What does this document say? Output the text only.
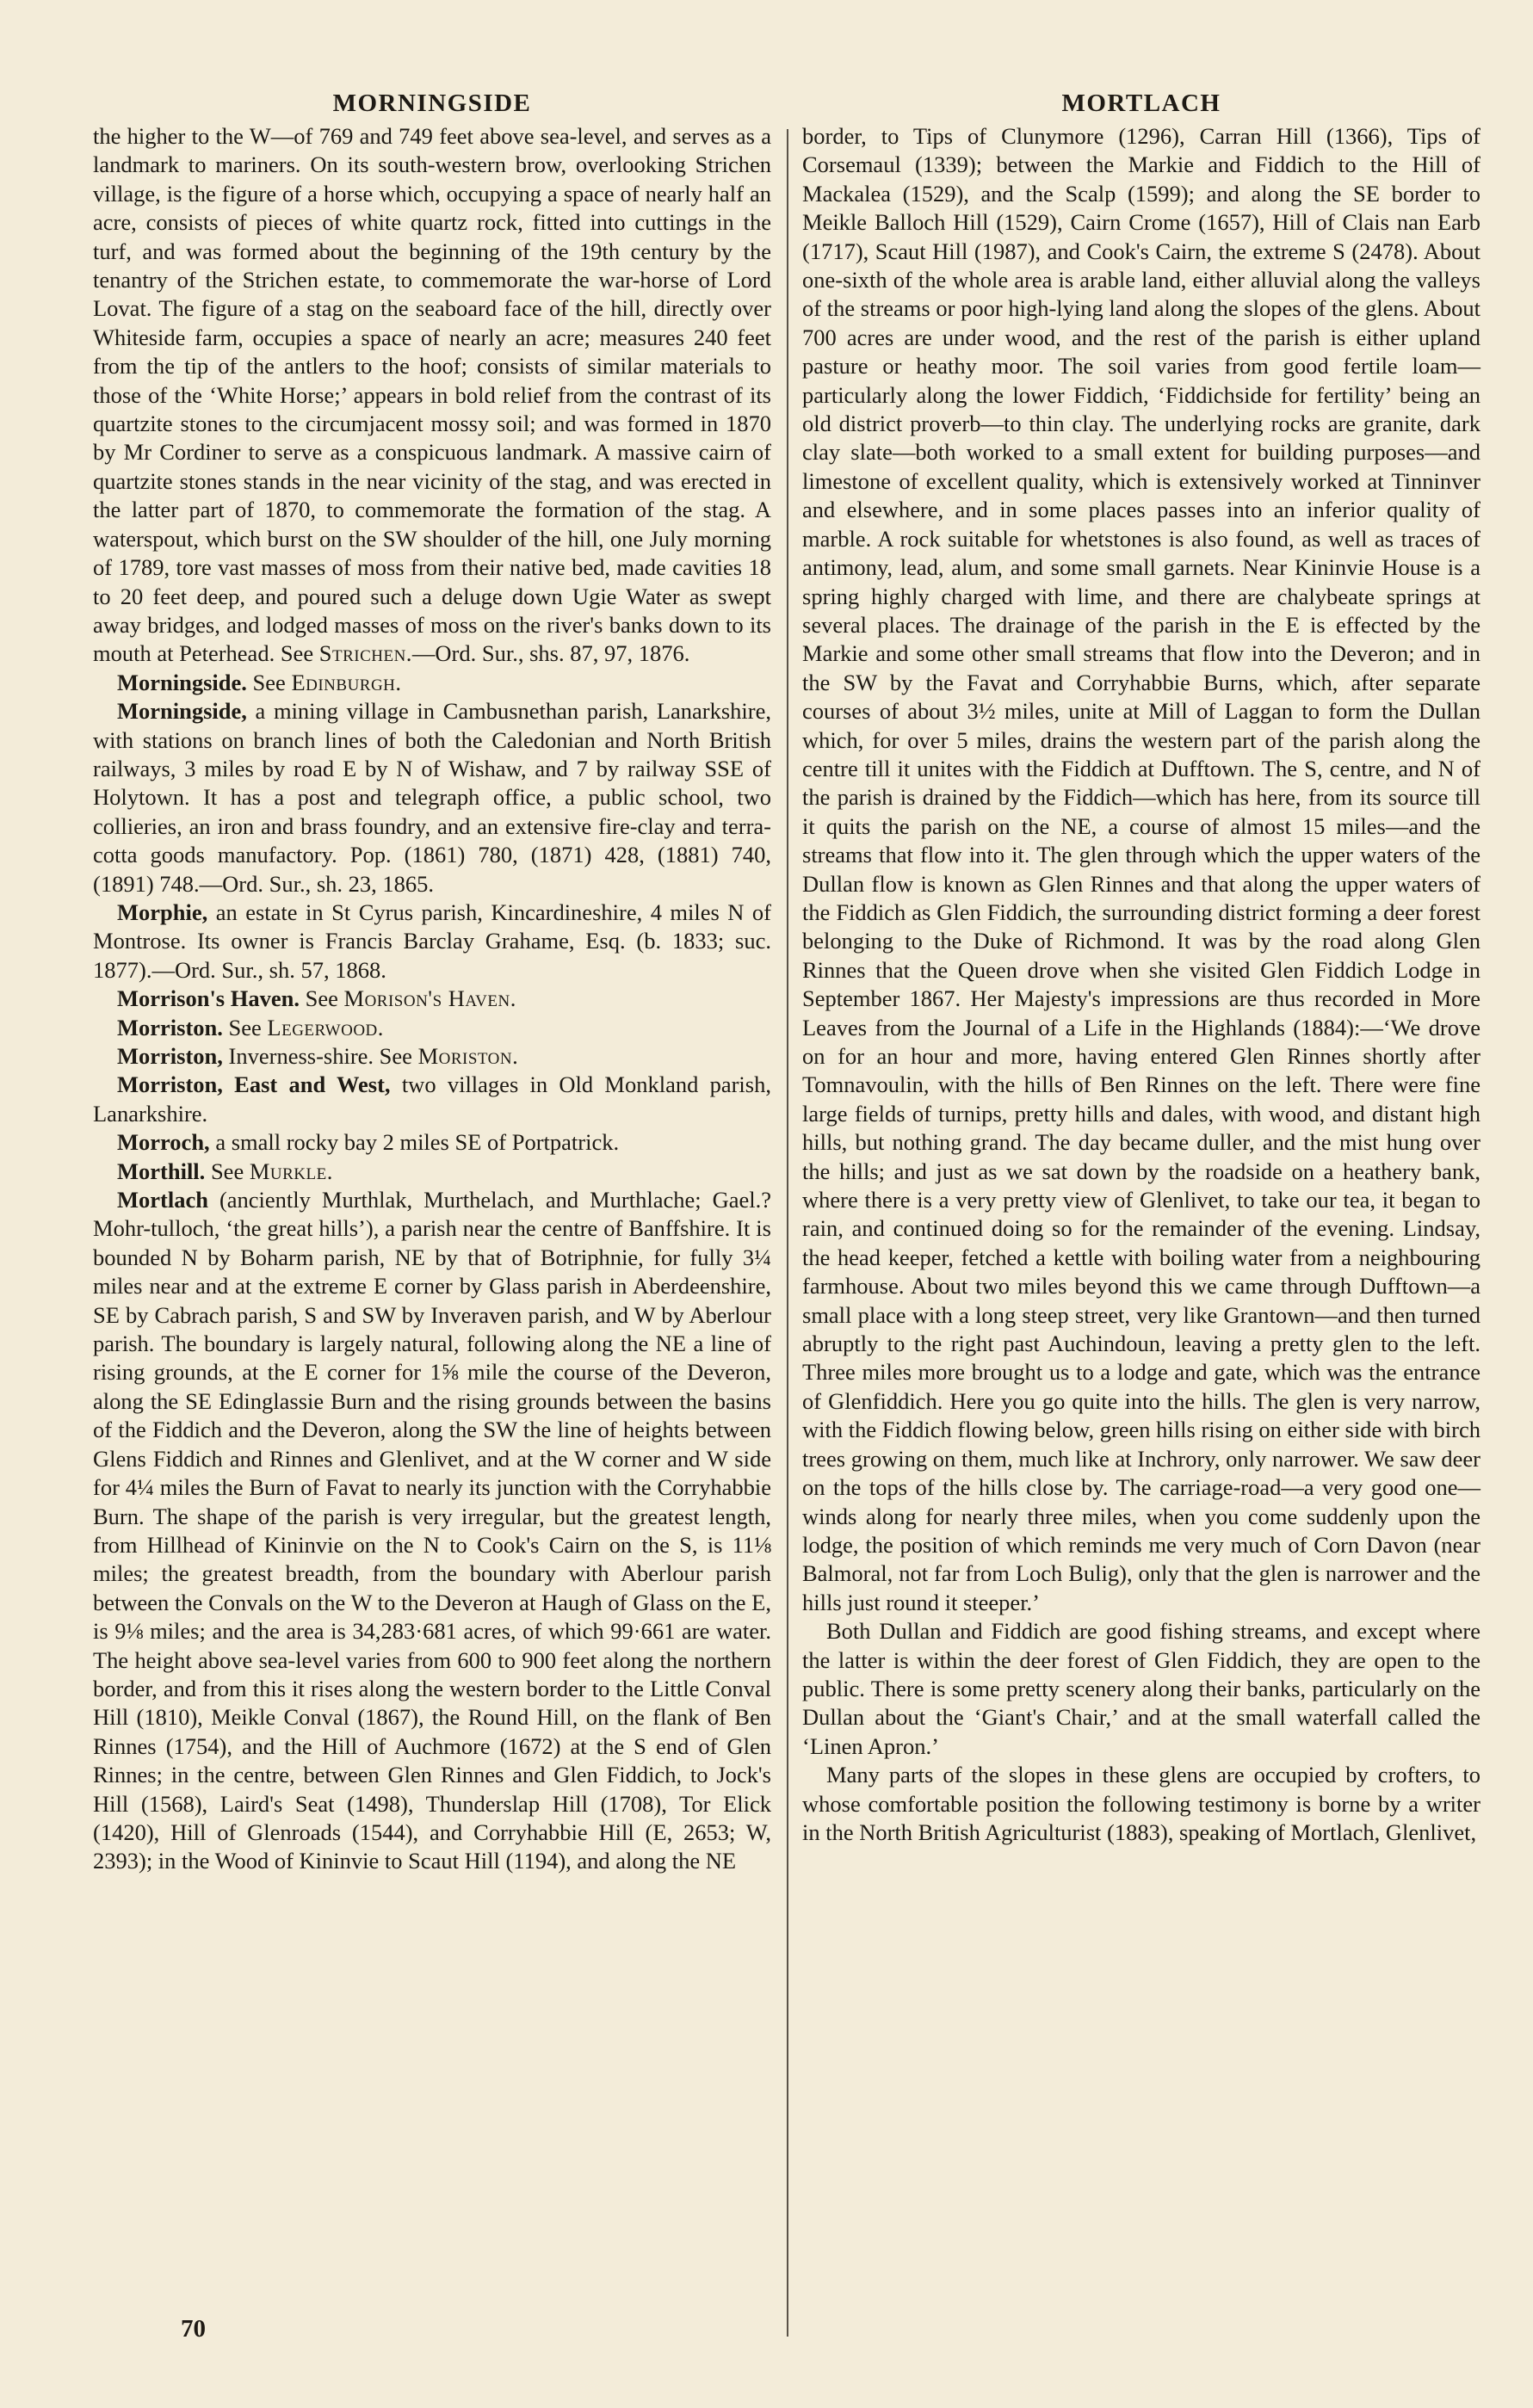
MORNINGSIDE

the higher to the W—of 769 and 749 feet above sea-level, and serves as a landmark to mariners. On its south-western brow, overlooking Strichen village, is the figure of a horse which, occupying a space of nearly half an acre, consists of pieces of white quartz rock, fitted into cuttings in the turf, and was formed about the beginning of the 19th century by the tenantry of the Strichen estate, to commemorate the war-horse of Lord Lovat. The figure of a stag on the seaboard face of the hill, directly over Whiteside farm, occupies a space of nearly an acre; measures 240 feet from the tip of the antlers to the hoof; consists of similar materials to those of the ‘White Horse;’ appears in bold relief from the contrast of its quartzite stones to the circumjacent mossy soil; and was formed in 1870 by Mr Cordiner to serve as a conspicuous landmark. A massive cairn of quartzite stones stands in the near vicinity of the stag, and was erected in the latter part of 1870, to commemorate the formation of the stag. A waterspout, which burst on the SW shoulder of the hill, one July morning of 1789, tore vast masses of moss from their native bed, made cavities 18 to 20 feet deep, and poured such a deluge down Ugie Water as swept away bridges, and lodged masses of moss on the river's banks down to its mouth at Peterhead. See Strichen.—Ord. Sur., shs. 87, 97, 1876.

Morningside. See Edinburgh.

Morningside, a mining village in Cambusnethan parish, Lanarkshire, with stations on branch lines of both the Caledonian and North British railways, 3 miles by road E by N of Wishaw, and 7 by railway SSE of Holytown. It has a post and telegraph office, a public school, two collieries, an iron and brass foundry, and an extensive fire-clay and terra-cotta goods manufactory. Pop. (1861) 780, (1871) 428, (1881) 740, (1891) 748.—Ord. Sur., sh. 23, 1865.

Morphie, an estate in St Cyrus parish, Kincardineshire, 4 miles N of Montrose. Its owner is Francis Barclay Grahame, Esq. (b. 1833; suc. 1877).—Ord. Sur., sh. 57, 1868.

Morrison's Haven. See Morison's Haven.

Morriston. See Legerwood.

Morriston, Inverness-shire. See Moriston.

Morriston, East and West, two villages in Old Monkland parish, Lanarkshire.

Morroch, a small rocky bay 2 miles SE of Portpatrick.

Morthill. See Murkle.

Mortlach (anciently Murthlak, Murthelach, and Murthlache; Gael.? Mohr-tulloch, ‘the great hills’), a parish near the centre of Banffshire. It is bounded N by Boharm parish, NE by that of Botriphnie, for fully 3¼ miles near and at the extreme E corner by Glass parish in Aberdeenshire, SE by Cabrach parish, S and SW by Inveraven parish, and W by Aberlour parish. The boundary is largely natural, following along the NE a line of rising grounds, at the E corner for 1⅝ mile the course of the Deveron, along the SE Edinglassie Burn and the rising grounds between the basins of the Fiddich and the Deveron, along the SW the line of heights between Glens Fiddich and Rinnes and Glenlivet, and at the W corner and W side for 4¼ miles the Burn of Favat to nearly its junction with the Corryhabbie Burn. The shape of the parish is very irregular, but the greatest length, from Hillhead of Kininvie on the N to Cook's Cairn on the S, is 11⅛ miles; the greatest breadth, from the boundary with Aberlour parish between the Convals on the W to the Deveron at Haugh of Glass on the E, is 9⅛ miles; and the area is 34,283·681 acres, of which 99·661 are water. The height above sea-level varies from 600 to 900 feet along the northern border, and from this it rises along the western border to the Little Conval Hill (1810), Meikle Conval (1867), the Round Hill, on the flank of Ben Rinnes (1754), and the Hill of Auchmore (1672) at the S end of Glen Rinnes; in the centre, between Glen Rinnes and Glen Fiddich, to Jock's Hill (1568), Laird's Seat (1498), Thunderslap Hill (1708), Tor Elick (1420), Hill of Glenroads (1544), and Corryhabbie Hill (E, 2653; W, 2393); in the Wood of Kininvie to Scaut Hill (1194), and along the NE

MORTLACH

border, to Tips of Clunymore (1296), Carran Hill (1366), Tips of Corsemaul (1339); between the Markie and Fiddich to the Hill of Mackalea (1529), and the Scalp (1599); and along the SE border to Meikle Balloch Hill (1529), Cairn Crome (1657), Hill of Clais nan Earb (1717), Scaut Hill (1987), and Cook's Cairn, the extreme S (2478). About one-sixth of the whole area is arable land, either alluvial along the valleys of the streams or poor high-lying land along the slopes of the glens. About 700 acres are under wood, and the rest of the parish is either upland pasture or heathy moor. The soil varies from good fertile loam—particularly along the lower Fiddich, ‘Fiddichside for fertility’ being an old district proverb—to thin clay. The underlying rocks are granite, dark clay slate—both worked to a small extent for building purposes—and limestone of excellent quality, which is extensively worked at Tinninver and elsewhere, and in some places passes into an inferior quality of marble. A rock suitable for whetstones is also found, as well as traces of antimony, lead, alum, and some small garnets. Near Kininvie House is a spring highly charged with lime, and there are chalybeate springs at several places. The drainage of the parish in the E is effected by the Markie and some other small streams that flow into the Deveron; and in the SW by the Favat and Corryhabbie Burns, which, after separate courses of about 3½ miles, unite at Mill of Laggan to form the Dullan which, for over 5 miles, drains the western part of the parish along the centre till it unites with the Fiddich at Dufftown. The S, centre, and N of the parish is drained by the Fiddich—which has here, from its source till it quits the parish on the NE, a course of almost 15 miles—and the streams that flow into it. The glen through which the upper waters of the Dullan flow is known as Glen Rinnes and that along the upper waters of the Fiddich as Glen Fiddich, the surrounding district forming a deer forest belonging to the Duke of Richmond. It was by the road along Glen Rinnes that the Queen drove when she visited Glen Fiddich Lodge in September 1867. Her Majesty's impressions are thus recorded in More Leaves from the Journal of a Life in the Highlands (1884):—‘We drove on for an hour and more, having entered Glen Rinnes shortly after Tomnavoulin, with the hills of Ben Rinnes on the left. There were fine large fields of turnips, pretty hills and dales, with wood, and distant high hills, but nothing grand. The day became duller, and the mist hung over the hills; and just as we sat down by the roadside on a heathery bank, where there is a very pretty view of Glenlivet, to take our tea, it began to rain, and continued doing so for the remainder of the evening. Lindsay, the head keeper, fetched a kettle with boiling water from a neighbouring farmhouse. About two miles beyond this we came through Dufftown—a small place with a long steep street, very like Grantown—and then turned abruptly to the right past Auchindoun, leaving a pretty glen to the left. Three miles more brought us to a lodge and gate, which was the entrance of Glenfiddich. Here you go quite into the hills. The glen is very narrow, with the Fiddich flowing below, green hills rising on either side with birch trees growing on them, much like at Inchrory, only narrower. We saw deer on the tops of the hills close by. The carriage-road—a very good one—winds along for nearly three miles, when you come suddenly upon the lodge, the position of which reminds me very much of Corn Davon (near Balmoral, not far from Loch Bulig), only that the glen is narrower and the hills just round it steeper.’

Both Dullan and Fiddich are good fishing streams, and except where the latter is within the deer forest of Glen Fiddich, they are open to the public. There is some pretty scenery along their banks, particularly on the Dullan about the ‘Giant's Chair,’ and at the small waterfall called the ‘Linen Apron.’

Many parts of the slopes in these glens are occupied by crofters, to whose comfortable position the following testimony is borne by a writer in the North British Agriculturist (1883), speaking of Mortlach, Glenlivet,

70
